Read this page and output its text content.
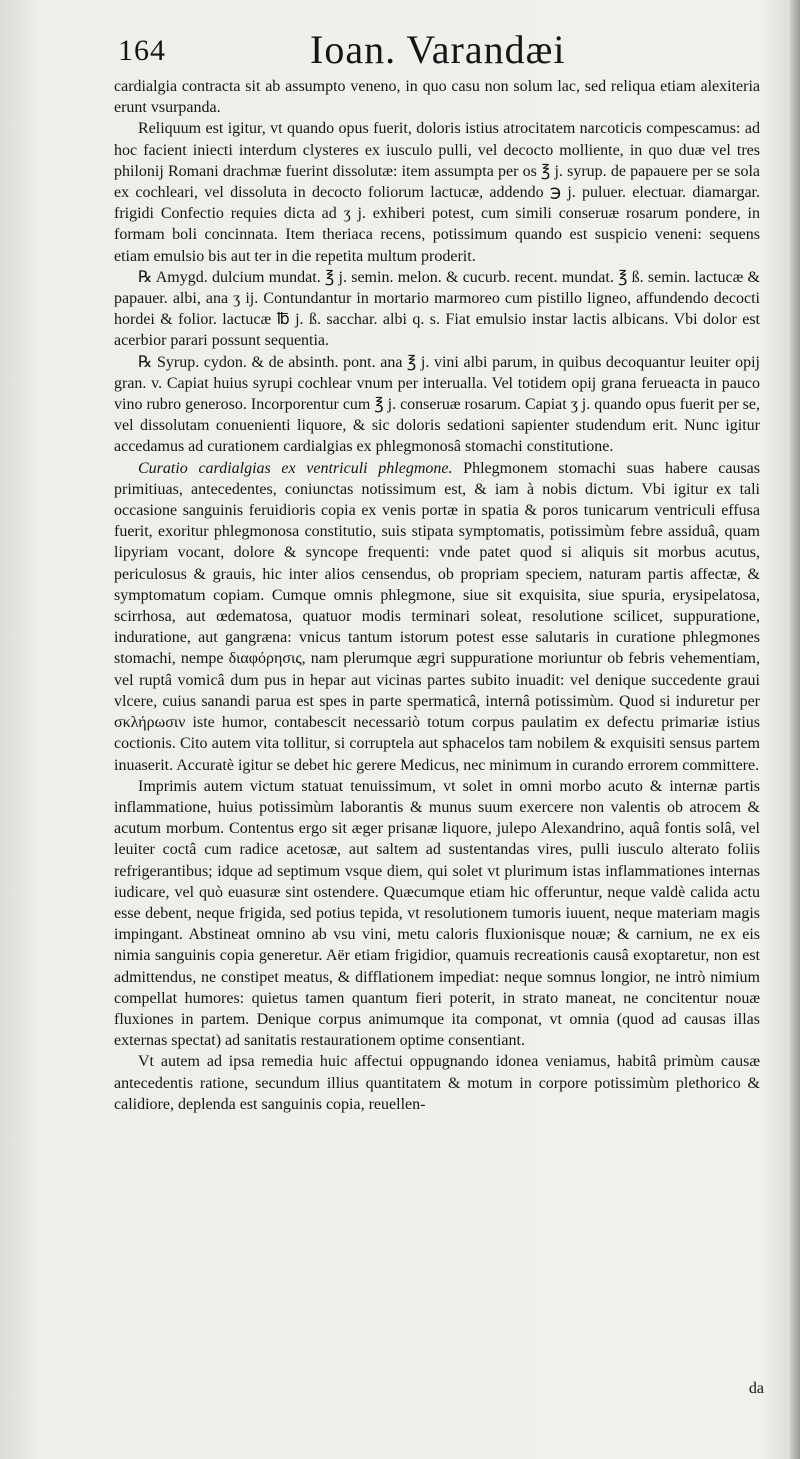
164	Ioan. Varandæi

cardialgia contracta sit ab assumpto veneno, in quo casu non solum lac, sed reliqua etiam alexiteria erunt vsurpanda.

Reliquum est igitur, vt quando opus fuerit, doloris istius atrocitatem narcoticis compescamus: ad hoc facient iniecti interdum clysteres ex iusculo pulli, vel decocto molliente, in quo duæ vel tres philonij Romani drachmæ fuerint dissolutæ: item assumpta per os ℥ j. syrup. de papauere per se sola ex cochleari, vel dissoluta in decocto foliorum lactucæ, addendo ℈ j. puluer. electuar. diamargar. frigidi Confectio requies dicta ad ʒ j. exhiberi potest, cum simili conseruæ rosarum pondere, in formam boli concinnata. Item theriaca recens, potissimum quando est suspicio veneni: sequens etiam emulsio bis aut ter in die repetita multum proderit.

℞ Amygd. dulcium mundat. ℥ j. semin. melon. & cucurb. recent. mundat. ℥ ß. semin. lactucæ & papauer. albi, ana ʒ ij. Contundantur in mortario marmoreo cum pistillo ligneo, affundendo decocti hordei & folior. lactucæ ℔ j. ß. sacchar. albi q. s. Fiat emulsio instar lactis albicans. Vbi dolor est acerbior parari possunt sequentia.

℞ Syrup. cydon. & de absinth. pont. ana ℥ j. vini albi parum, in quibus decoquantur leuiter opij gran. v. Capiat huius syrupi cochlear vnum per interualla. Vel totidem opij grana ferueacta in pauco vino rubro generoso. Incorporentur cum ℥ j. conseruæ rosarum. Capiat ʒ j. quando opus fuerit per se, vel dissolutam conuenienti liquore, & sic doloris sedationi sapienter studendum erit. Nunc igitur accedamus ad curationem cardialgias ex phlegmonosâ stomachi constitutione.

Curatio cardialgias ex ventriculi phlegmone. Phlegmonem stomachi suas habere causas primitiuas, antecedentes, coniunctas notissimum est, & iam à nobis dictum. Vbi igitur ex tali occasione sanguinis feruidioris copia ex venis portæ in spatia & poros tunicarum ventriculi effusa fuerit, exoritur phlegmonosa constitutio, suis stipata symptomatis, potissimùm febre assiduâ, quam lipyriam vocant, dolore & syncope frequenti: vnde patet quod si aliquis sit morbus acutus, periculosus & grauis, hic inter alios censendus, ob propriam speciem, naturam partis affectæ, & symptomatum copiam. Cumque omnis phlegmone, siue sit exquisita, siue spuria, erysipelatosa, scirrhosa, aut œdematosa, quatuor modis terminari soleat, resolutione scilicet, suppuratione, induratione, aut gangræna: vnicus tantum istorum potest esse salutaris in curatione phlegmones stomachi, nempe διαφόρησις, nam plerumque ægri suppuratione moriuntur ob febris vehementiam, vel ruptâ vomicâ dum pus in hepar aut vicinas partes subito inuadit: vel denique succedente graui vlcere, cuius sanandi parua est spes in parte spermaticâ, internâ potissimùm. Quod si induretur per σκλήρωσιν iste humor, contabescit necessariò totum corpus paulatim ex defectu primariæ istius coctionis. Cito autem vita tollitur, si corruptela aut sphacelos tam nobilem & exquisiti sensus partem inuaserit. Accuratè igitur se debet hic gerere Medicus, nec minimum in curando errorem committere.

Imprimis autem victum statuat tenuissimum, vt solet in omni morbo acuto & internæ partis inflammatione, huius potissimùm laborantis & munus suum exercere non valentis ob atrocem & acutum morbum. Contentus ergo sit æger prisanæ liquore, julepo Alexandrino, aquâ fontis solâ, vel leuiter coctâ cum radice acetosæ, aut saltem ad sustentandas vires, pulli iusculo alterato foliis refrigerantibus; idque ad septimum vsque diem, qui solet vt plurimum istas inflammationes internas iudicare, vel quò euasuræ sint ostendere. Quæcumque etiam hic offeruntur, neque valdè calida actu esse debent, neque frigida, sed potius tepida, vt resolutionem tumoris iuuent, neque materiam magis impingant. Abstineat omnino ab vsu vini, metu caloris fluxionisque nouæ; & carnium, ne ex eis nimia sanguinis copia generetur. Aër etiam frigidior, quamuis recreationis causâ exoptaretur, non est admittendus, ne constipet meatus, & difflationem impediat: neque somnus longior, ne intrò nimium compellat humores: quietus tamen quantum fieri poterit, in strato maneat, ne concitentur nouæ fluxiones in partem. Denique corpus animumque ita componat, vt omnia (quod ad causas illas externas spectat) ad sanitatis restaurationem optime consentiant.

Vt autem ad ipsa remedia huic affectui oppugnando idonea veniamus, habitâ primùm causæ antecedentis ratione, secundum illius quantitatem & motum in corpore potissimùm plethorico & calidiore, deplenda est sanguinis copia, reuellen-

da
